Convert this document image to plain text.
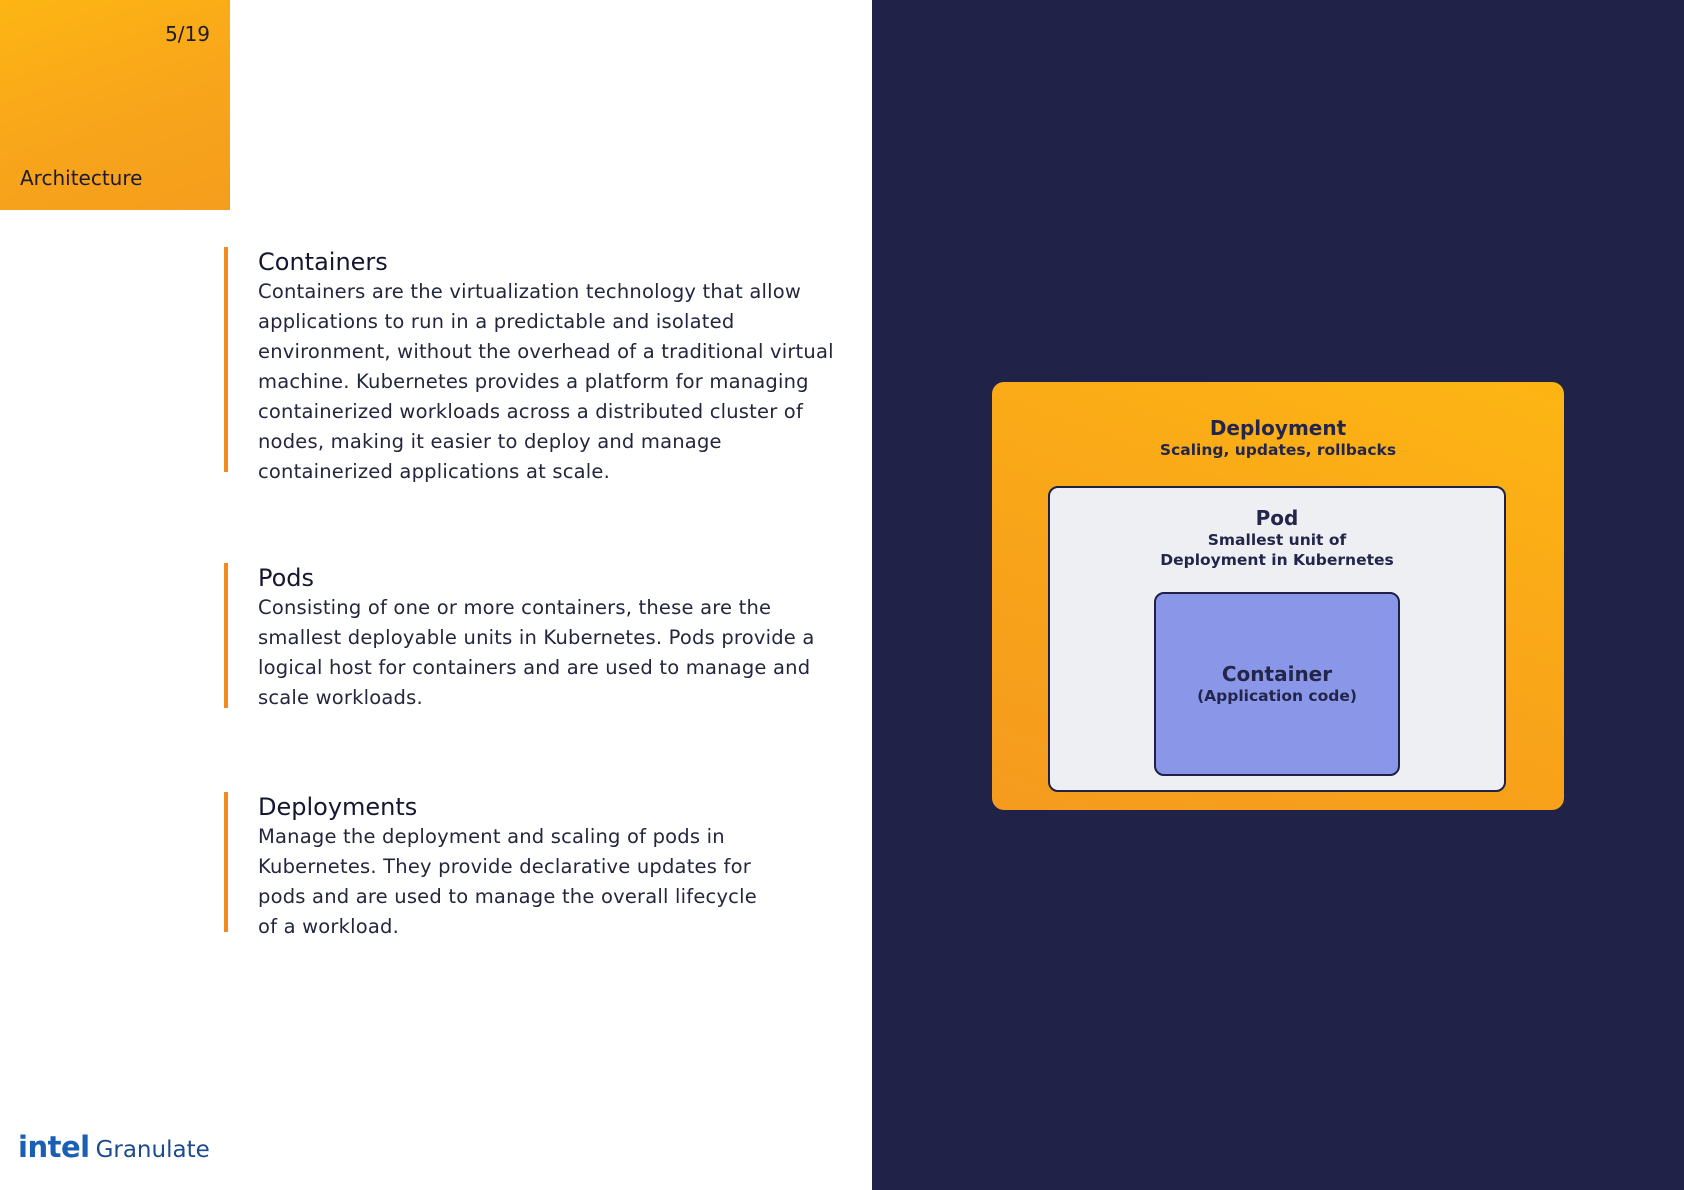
5/19
Architecture
Containers

Containers are the virtualization technology that allow applications to run in a predictable and isolated environment, without the overhead of a traditional virtual machine. Kubernetes provides a platform for managing containerized workloads across a distributed cluster of nodes, making it easier to deploy and manage containerized applications at scale.

Pods

Consisting of one or more containers, these are the smallest deployable units in Kubernetes. Pods provide a logical host for containers and are used to manage and scale workloads.

Deployments

Manage the deployment and scaling of pods in Kubernetes. They provide declarative updates for pods and are used to manage the overall lifecycle of a workload.

intel Granulate
Deployment
Scaling, updates, rollbacks
Pod
Smallest unit of
Deployment in Kubernetes
Container
(Application code)
